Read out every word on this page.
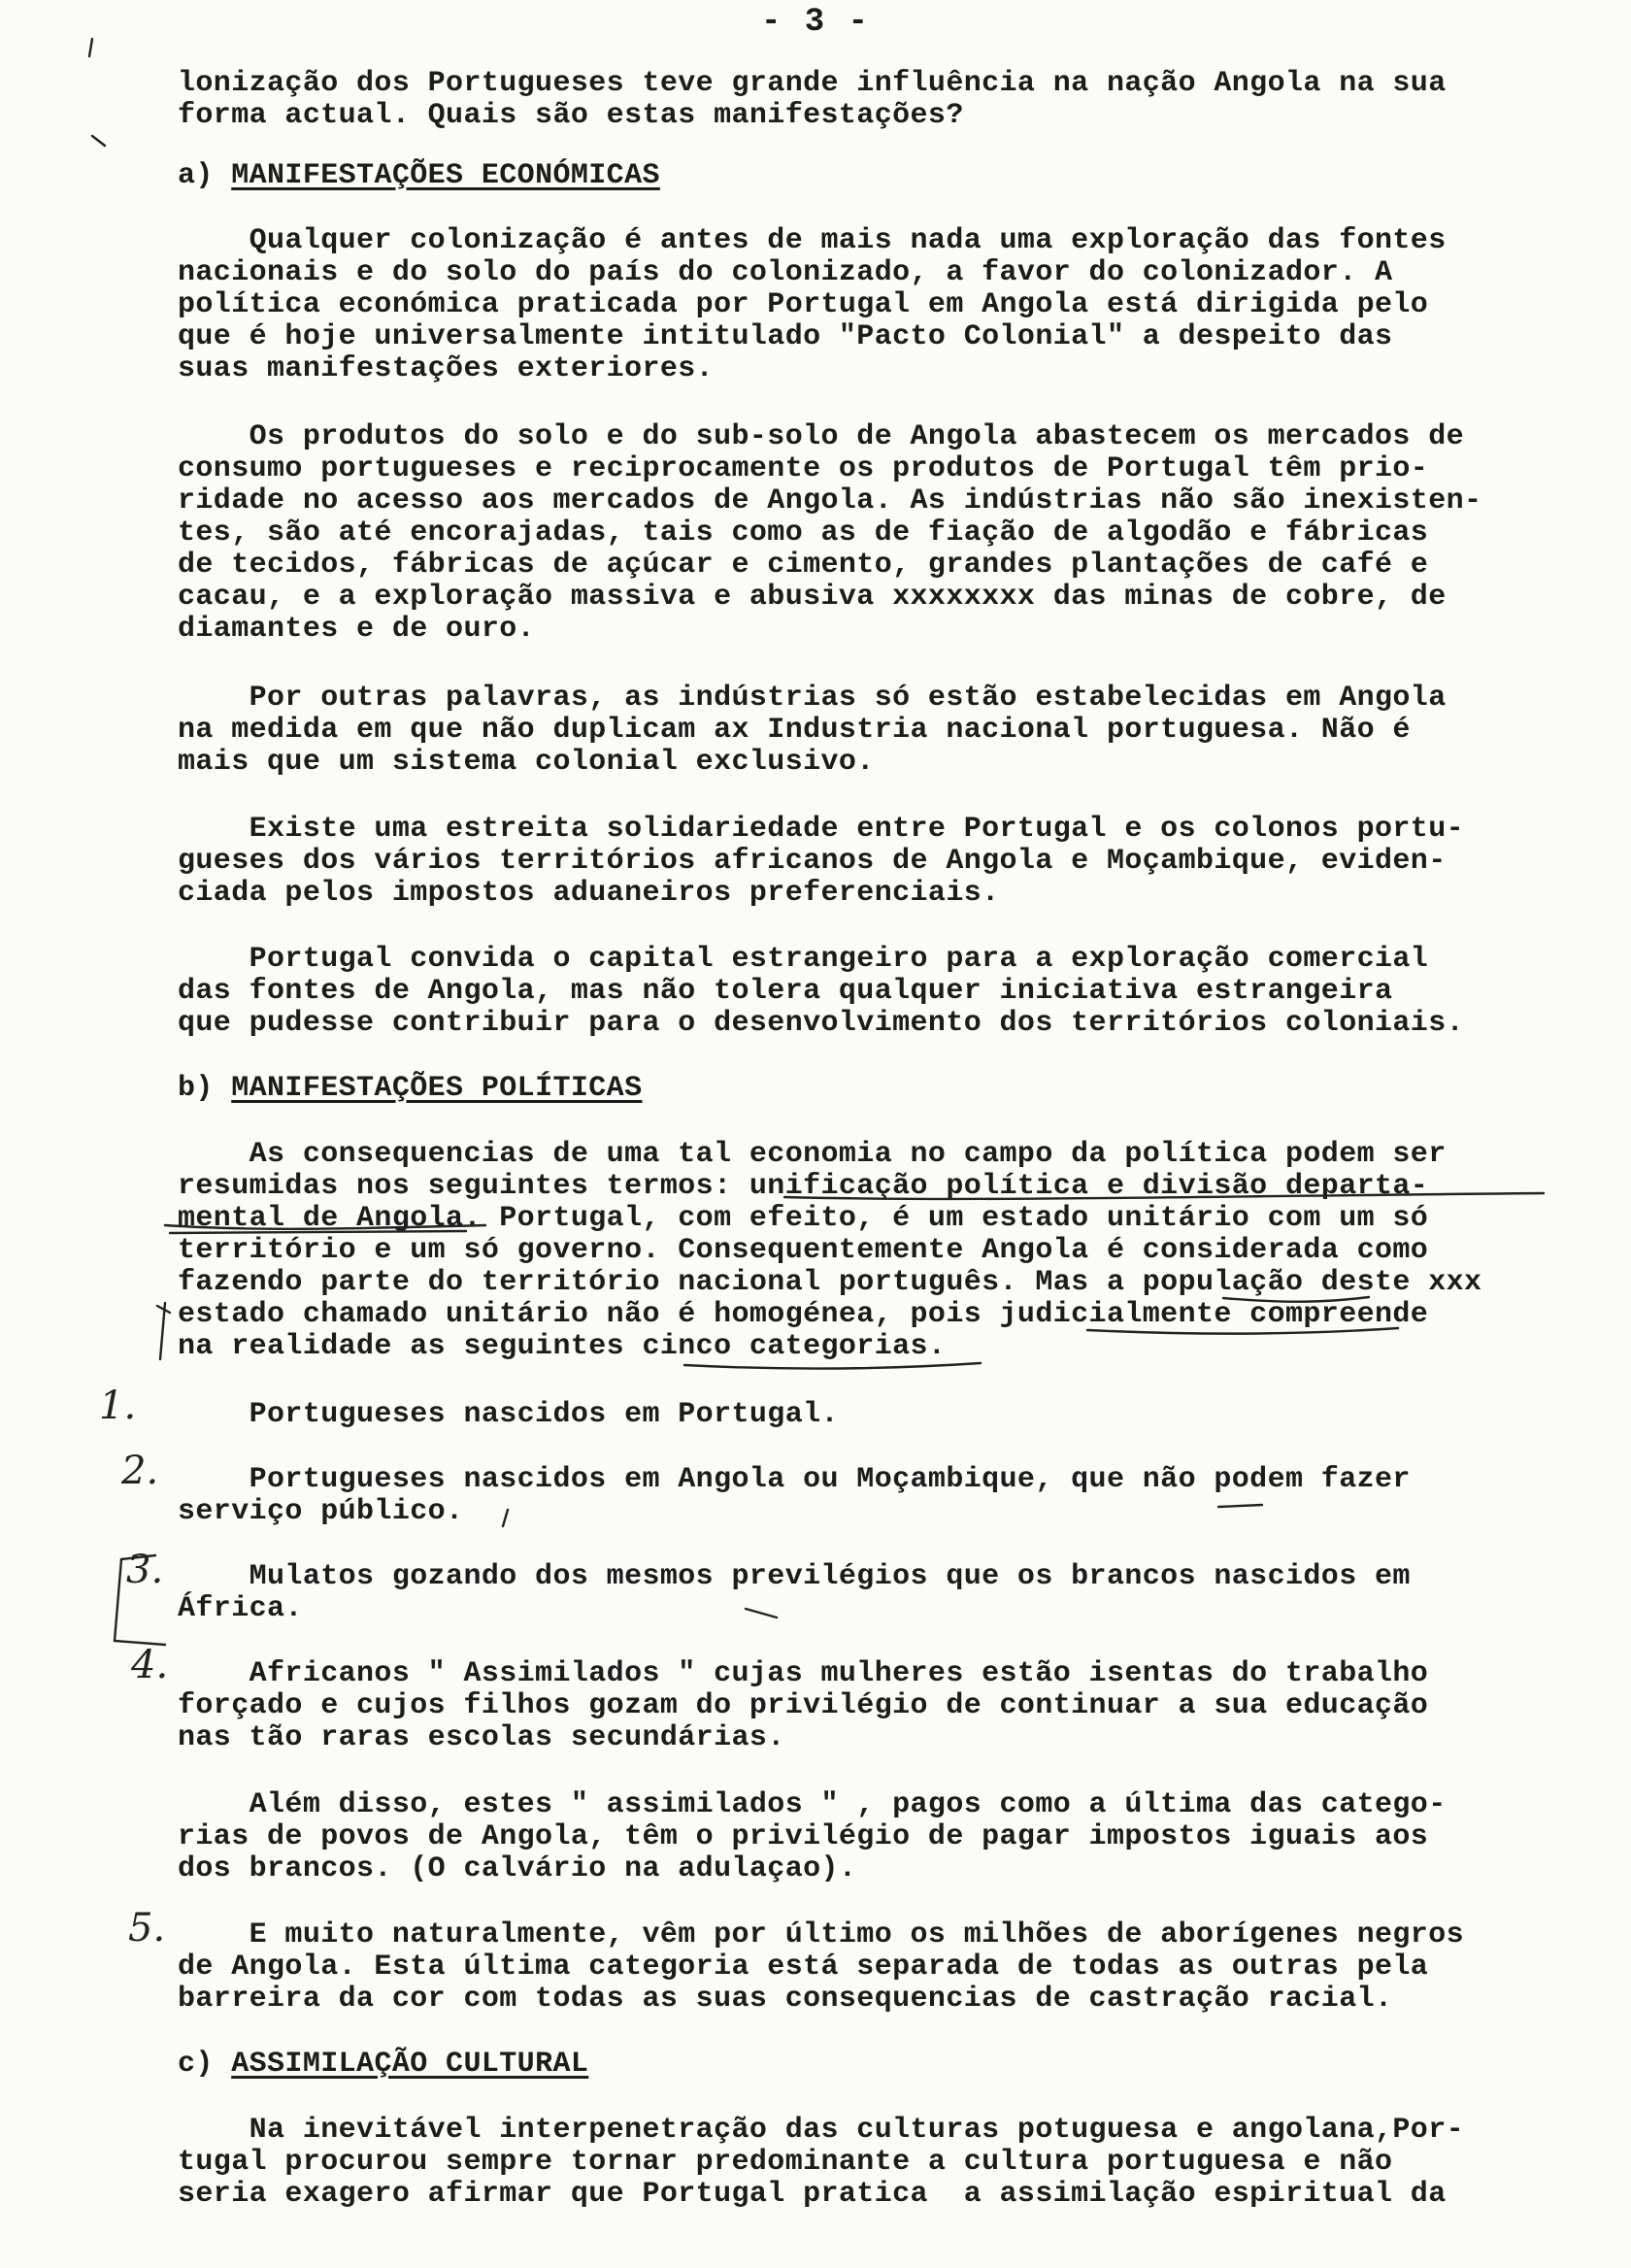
- 3 -
lonização dos Portugueses teve grande influência na nação Angola na sua
forma actual. Quais são estas manifestações?
a) MANIFESTAÇÕES ECONÓMICAS
Qualquer colonização é antes de mais nada uma exploração das fontes
nacionais e do solo do país do colonizado, a favor do colonizador. A
política económica praticada por Portugal em Angola está dirigida pelo
que é hoje universalmente intitulado "Pacto Colonial" a despeito das
suas manifestações exteriores.
Os produtos do solo e do sub-solo de Angola abastecem os mercados de
consumo portugueses e reciprocamente os produtos de Portugal têm prio-
ridade no acesso aos mercados de Angola. As indústrias não são inexisten-
tes, são até encorajadas, tais como as de fiação de algodão e fábricas
de tecidos, fábricas de açúcar e cimento, grandes plantações de café e
cacau, e a exploração massiva e abusiva xxxxxxxx das minas de cobre, de
diamantes e de ouro.
Por outras palavras, as indústrias só estão estabelecidas em Angola
na medida em que não duplicam ax Industria nacional portuguesa. Não é
mais que um sistema colonial exclusivo.
Existe uma estreita solidariedade entre Portugal e os colonos portu-
gueses dos vários territórios africanos de Angola e Moçambique, eviden-
ciada pelos impostos aduaneiros preferenciais.
Portugal convida o capital estrangeiro para a exploração comercial
das fontes de Angola, mas não tolera qualquer iniciativa estrangeira
que pudesse contribuir para o desenvolvimento dos territórios coloniais.
b) MANIFESTAÇÕES POLÍTICAS
As consequencias de uma tal economia no campo da política podem ser
resumidas nos seguintes termos: unificação política e divisão departa-
mental de Angola. Portugal, com efeito, é um estado unitário com um só
território e um só governo. Consequentemente Angola é considerada como
fazendo parte do território nacional português. Mas a população deste xxx
estado chamado unitário não é homogénea, pois judicialmente compreende
na realidade as seguintes cinco categorias.
Portugueses nascidos em Portugal.
Portugueses nascidos em Angola ou Moçambique, que não podem fazer
serviço público.
Mulatos gozando dos mesmos previlégios que os brancos nascidos em
África.
Africanos " Assimilados " cujas mulheres estão isentas do trabalho
forçado e cujos filhos gozam do privilégio de continuar a sua educação
nas tão raras escolas secundárias.
Além disso, estes " assimilados " , pagos como a última das catego-
rias de povos de Angola, têm o privilégio de pagar impostos iguais aos
dos brancos. (O calvário na adulaçao).
E muito naturalmente, vêm por último os milhões de aborígenes negros
de Angola. Esta última categoria está separada de todas as outras pela
barreira da cor com todas as suas consequencias de castração racial.
c) ASSIMILAÇÃO CULTURAL
Na inevitável interpenetração das culturas potuguesa e angolana,Por-
tugal procurou sempre tornar predominante a cultura portuguesa e não
seria exagero afirmar que Portugal pratica  a assimilação espiritual da
1.
2.
3.
4.
5.
